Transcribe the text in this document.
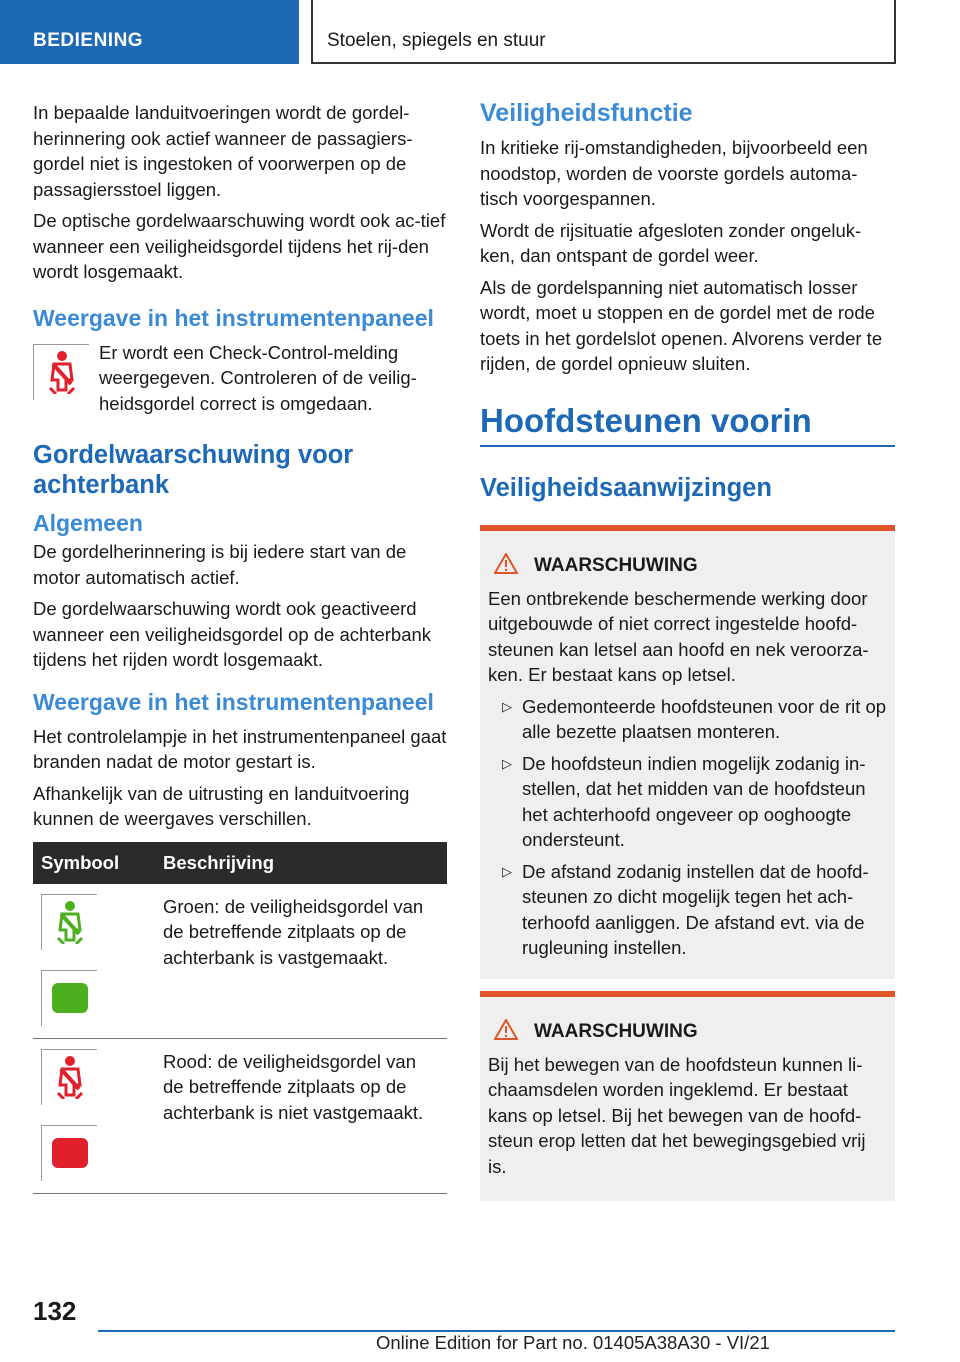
BEDIENING	Stoelen, spiegels en stuur

In bepaalde landuitvoeringen wordt de gordel-herinnering ook actief wanneer de passagiers-gordel niet is ingestoken of voorwerpen op de passagiersstoel liggen.

De optische gordelwaarschuwing wordt ook ac-tief wanneer een veiligheidsgordel tijdens het rij-den wordt losgemaakt.

Weergave in het instrumentenpaneel

Er wordt een Check-Control-melding weergegeven. Controleren of de veilig-heidsgordel correct is omgedaan.

Gordelwaarschuwing voor achterbank
Algemeen

De gordelherinnering is bij iedere start van de motor automatisch actief.

De gordelwaarschuwing wordt ook geactiveerd wanneer een veiligheidsgordel op de achterbank tijdens het rijden wordt losgemaakt.

Weergave in het instrumentenpaneel

Het controlelampje in het instrumentenpaneel gaat branden nadat de motor gestart is.

Afhankelijk van de uitrusting en landuitvoering kunnen de weergaves verschillen.

Symbool	Beschrijving

	Groen: de veiligheidsgordel van de betreffende zitplaats op de achterbank is vastgemaakt.

	Rood: de veiligheidsgordel van de betreffende zitplaats op de achterbank is niet vastgemaakt.
Veiligheidsfunctie

In kritieke rij-omstandigheden, bijvoorbeeld een noodstop, worden de voorste gordels automa-tisch voorgespannen.

Wordt de rijsituatie afgesloten zonder ongeluk-ken, dan ontspant de gordel weer.

Als de gordelspanning niet automatisch losser wordt, moet u stoppen en de gordel met de rode toets in het gordelslot openen. Alvorens verder te rijden, de gordel opnieuw sluiten.

Hoofdsteunen voorin
Veiligheidsaanwijzingen
WAARSCHUWING

Een ontbrekende beschermende werking door uitgebouwde of niet correct ingestelde hoofd-steunen kan letsel aan hoofd en nek veroorza-ken. Er bestaat kans op letsel.

▷ Gedemonteerde hoofdsteunen voor de rit op alle bezette plaatsen monteren.
▷ De hoofdsteun indien mogelijk zodanig in-stellen, dat het midden van de hoofdsteun het achterhoofd ongeveer op ooghoogte ondersteunt.
▷ De afstand zodanig instellen dat de hoofd-steunen zo dicht mogelijk tegen het ach-terhoofd aanliggen. De afstand evt. via de rugleuning instellen.
WAARSCHUWING

Bij het bewegen van de hoofdsteun kunnen li-chaamsdelen worden ingeklemd. Er bestaat kans op letsel. Bij het bewegen van de hoofd-steun erop letten dat het bewegingsgebied vrij is.

132
Online Edition for Part no. 01405A38A30 - VI/21
